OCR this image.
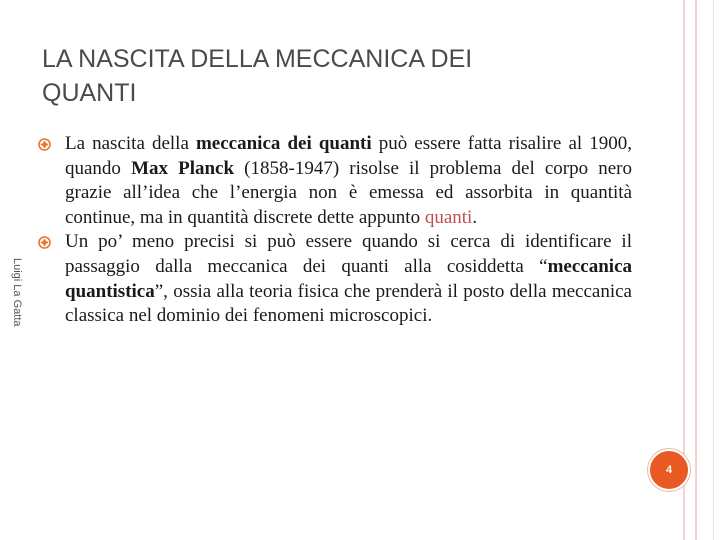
LA NASCITA DELLA MECCANICA DEI
QUANTI
Luigi La Gatta
La nascita della meccanica dei quanti può essere fatta risalire al 1900, quando Max Planck (1858-1947) risolse il problema del corpo nero grazie all’idea che l’energia non è emessa ed assorbita in quantità continue, ma in quantità discrete dette appunto quanti.
Un po’ meno precisi si può essere quando si cerca di identificare il passaggio dalla meccanica dei quanti alla cosiddetta “meccanica quantistica”, ossia alla teoria fisica che prenderà il posto della meccanica classica nel dominio dei fenomeni microscopici.
4
